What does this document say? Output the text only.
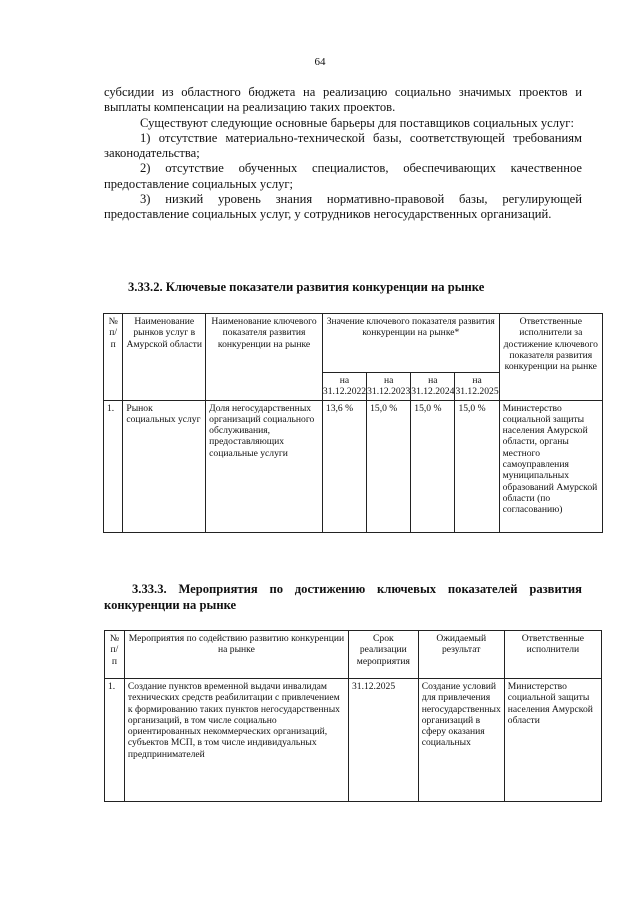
64

субсидии из областного бюджета на реализацию социально значимых проектов и выплаты компенсации на реализацию таких проектов.

Существуют следующие основные барьеры для поставщиков социальных услуг:

1) отсутствие материально-технической базы, соответствующей требованиям законодательства;

2) отсутствие обученных специалистов, обеспечивающих качественное предоставление социальных услуг;

3) низкий уровень знания нормативно-правовой базы, регулирующей предоставление социальных услуг, у сотрудников негосударственных организаций.

3.33.2. Ключевые показатели развития конкуренции на рынке
№ п/п	Наименование рынков услуг в Амурской области	Наименование ключевого показателя развития конкуренции на рынке	Значение ключевого показателя развития конкуренции на рынке*				Ответственные исполнители за достижение ключевого показателя развития конкуренции на рынке
			на 31.12.2022	на 31.12.2023	на 31.12.2024	на 31.12.2025	
1.	Рынок социальных услуг	Доля негосударственных организаций социального обслуживания, предоставляющих социальные услуги	13,6 %	15,0 %	15,0 %	15,0 %	Министерство социальной защиты населения Амурской области, органы местного самоуправления муниципальных образований Амурской области (по согласованию)
3.33.3. Мероприятия по достижению ключевых показателей развития конкуренции на рынке
№ п/п	Мероприятия по содействию развитию конкуренции на рынке	Срок реализации мероприятия	Ожидаемый результат	Ответственные исполнители
1.	Создание пунктов временной выдачи инвалидам технических средств реабилитации с привлечением к формированию таких пунктов негосударственных организаций, в том числе социально ориентированных некоммерческих организаций, субъектов МСП, в том числе индивидуальных предпринимателей	31.12.2025	Создание условий для привлечения негосударственных организаций в сферу оказания социальных	Министерство социальной защиты населения Амурской области
